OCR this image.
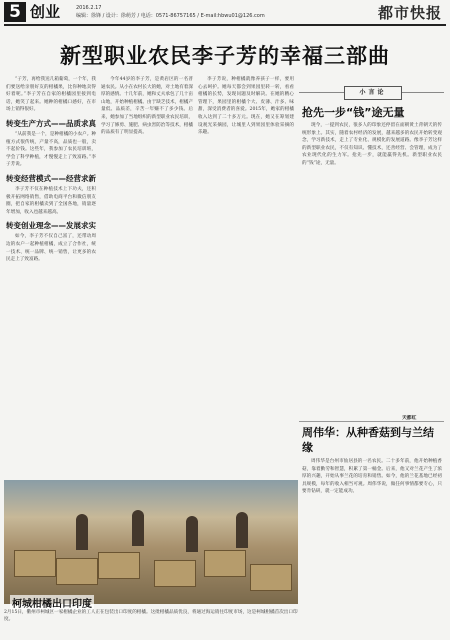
5 创业	2016.2.17
编辑：徐锋 / 设计：徐萌芳 / 电话：0571-86757165 / E-mail:hbwu01@126.com	都市快报
新型职业农民李子芳的幸福三部曲

“子芳，再给我送几箱葡萄，一个年，我们要送给亲朋好友的柑橘果，比你种地卖得好着呢。”李子芳在自家的柑橘园里接到电话，她笑了起来。她种的柑橘口感好，在市场上销得很好。

转变生产方式——品质求真

“从前我是一个，是种柑橘的小农户。种植方式很传统，产量不高，品质也一般，卖不起价钱。这些年，我参加了农民培训班，学会了科学种植，才慢慢走上了致富路。”李子芳说。

转变经营模式——经营求新

李子芳不仅在种植技术上下功夫，还积极开拓网络销售，借助电商平台和微信朋友圈，把自家的柑橘卖到了全国各地，销量逐年增加，收入也越来越高。

转变创业理念——发展求实

如今，李子芳不仅自己富了，还带动周边的农户一起种植柑橘，成立了合作社，统一技术、统一品牌、统一销售，让更多的农民走上了致富路。

今年44岁的李子芳，是黄岩区的一名普通农民。从小在农村长大的她，对土地有着深厚的感情。十几年前，她和丈夫承包了几十亩山地，开始种植柑橘。由于缺乏技术，柑橘产量低、品质差，辛苦一年赚不了多少钱。后来，她参加了当地组织的新型职业农民培训，学习了修剪、施肥、病虫害防治等技术，柑橘的品质有了明显提高。

李子芳说，种柑橘就像养孩子一样，要用心去呵护。她每天都会到果园里转一转，看看柑橘的长势，发现问题及时解决。在她的精心管理下，果园里的柑橘个大、皮薄、汁多、味甜，深受消费者的喜爱。2015年，她家的柑橘收入达到了二十多万元。现在，她又在筹划建设观光采摘园，让城里人到果园里体验采摘的乐趣。

小言论
抢先一步“钱”途无量

现今，一提到农民，很多人的印象还停留在面朝黄土背朝天的传统形象上。其实，随着农村经济的发展，越来越多的农民开始转变观念，学习新技术，走上了专业化、规模化的发展道路。像李子芳这样的新型职业农民，不仅有知识、懂技术，还善经营、会管理，成为了农业现代化的生力军。抢先一步，就能赢得先机。新型职业农民的“钱”途，无量。

天都红
周伟华：从种香菇到与兰结缘

周伟华是台州市仙居县的一名农民。二十多年前，他开始种植香菇，靠着勤劳和智慧，积累了第一桶金。后来，他又对兰花产生了浓厚的兴趣，开始从事兰花的培育和销售。如今，他的兰花基地已经初具规模，每年的收入相当可观。周伟华说，做任何事情都要专心，只要肯钻研，就一定能成功。

柯城柑橘出口印度
2月15日，衢州市柯城区一家柑橘企业的工人正在包装出口印度的柑橘。这批柑橘品质优良，将通过海运销往印度市场，这是柯城柑橘首次出口印度。
